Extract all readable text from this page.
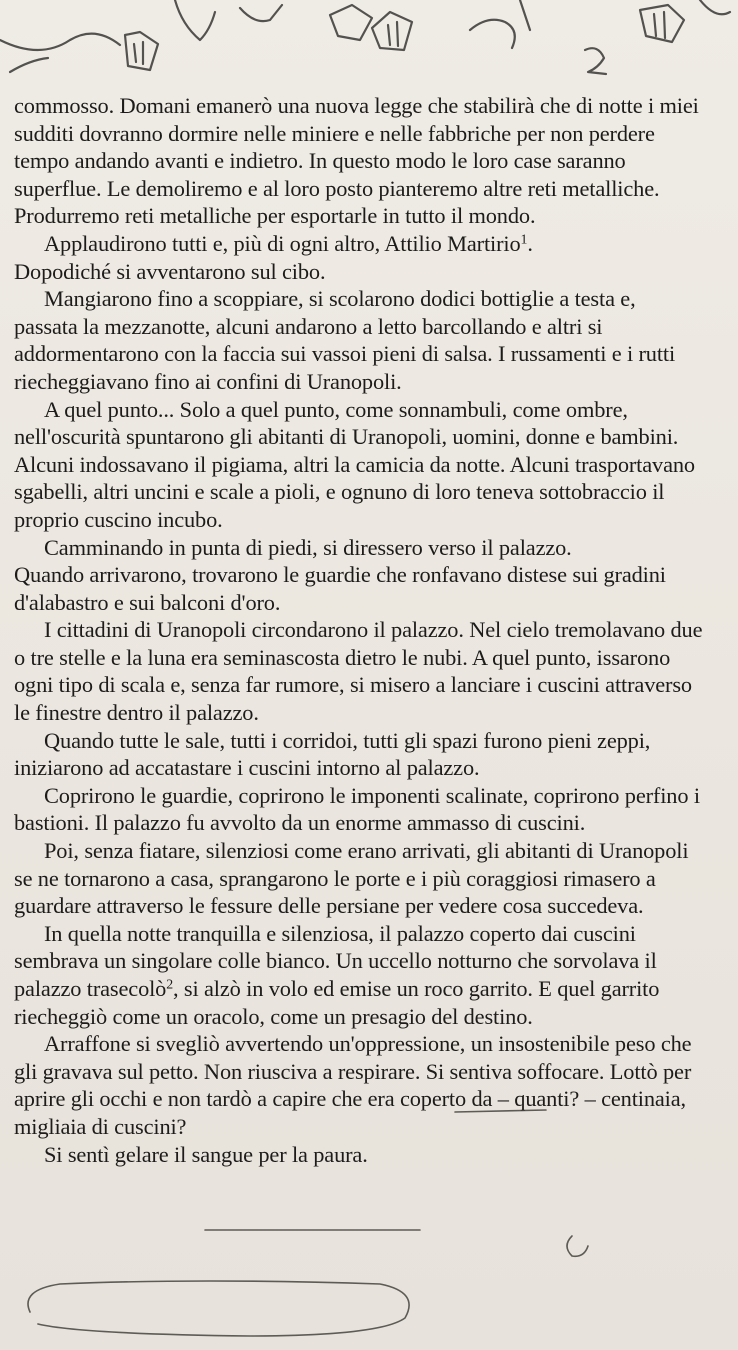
commosso. Domani emanerò una nuova legge che stabilirà che di notte i miei sudditi dovranno dormire nelle miniere e nelle fabbriche per non perdere tempo andando avanti e indietro. In questo modo le loro case saranno superflue. Le demoliremo e al loro posto pianteremo altre reti metalliche. Produrremo reti metalliche per esportarle in tutto il mondo.

Applaudirono tutti e, più di ogni altro, Attilio Martirio$^1$.

Dopodiché si avventarono sul cibo.

Mangiarono fino a scoppiare, si scolarono dodici bottiglie a testa e, passata la mezzanotte, alcuni andarono a letto barcollando e altri si addormentarono con la faccia sui vassoi pieni di salsa. I russamenti e i rutti riecheggiavano fino ai confini di Uranopoli.

A quel punto... Solo a quel punto, come sonnambuli, come ombre, nell'oscurità spuntarono gli abitanti di Uranopoli, uomini, donne e bambini. Alcuni indossavano il pigiama, altri la camicia da notte. Alcuni trasportavano sgabelli, altri uncini e scale a pioli, e ognuno di loro teneva sottobraccio il proprio cuscino incubo.

Camminando in punta di piedi, si diressero verso il palazzo.

Quando arrivarono, trovarono le guardie che ronfavano distese sui gradini d'alabastro e sui balconi d'oro.

I cittadini di Uranopoli circondarono il palazzo. Nel cielo tremolavano due o tre stelle e la luna era seminascosta dietro le nubi. A quel punto, issarono ogni tipo di scala e, senza far rumore, si misero a lanciare i cuscini attraverso le finestre dentro il palazzo.

Quando tutte le sale, tutti i corridoi, tutti gli spazi furono pieni zeppi, iniziarono ad accatastare i cuscini intorno al palazzo.

Coprirono le guardie, coprirono le imponenti scalinate, coprirono perfino i bastioni. Il palazzo fu avvolto da un enorme ammasso di cuscini.

Poi, senza fiatare, silenziosi come erano arrivati, gli abitanti di Uranopoli se ne tornarono a casa, sprangarono le porte e i più coraggiosi rimasero a guardare attraverso le fessure delle persiane per vedere cosa succedeva.

In quella notte tranquilla e silenziosa, il palazzo coperto dai cuscini sembrava un singolare colle bianco. Un uccello notturno che sorvolava il palazzo trasecolò$^2$, si alzò in volo ed emise un roco garrito. E quel garrito riecheggiò come un oracolo, come un presagio del destino.

Arraffone si svegliò avvertendo un'oppressione, un insostenibile peso che gli gravava sul petto. Non riusciva a respirare. Si sentiva soffocare. Lottò per aprire gli occhi e non tardò a capire che era coperto da – quanti? – centinaia, migliaia di cuscini?

Si sentì gelare il sangue per la paura.
